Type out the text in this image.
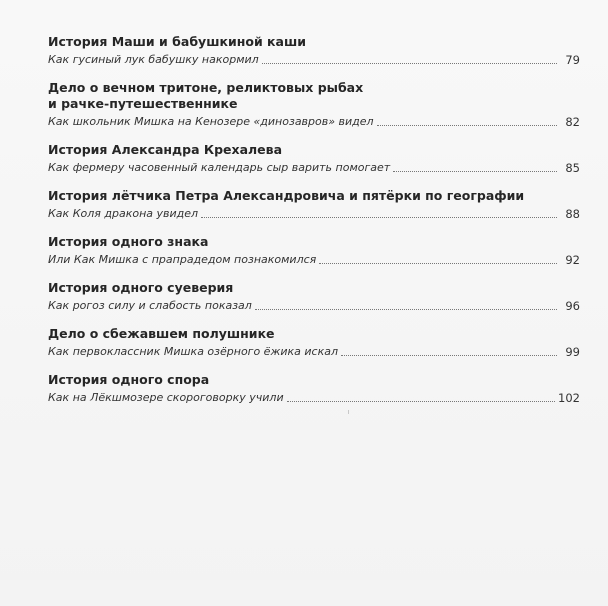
История Маши и бабушкиной каши
Как гусиный лук бабушку накормил	79
Дело о вечном тритоне, реликтовых рыбах
и рачке-путешественнике
Как школьник Мишка на Кенозере «динозавров» видел	82
История Александра Крехалева
Как фермеру часовенный календарь сыр варить помогает	85
История лётчика Петра Александровича и пятёрки по географии
Как Коля дракона увидел	88
История одного знака
Или Как Мишка с прапрадедом познакомился	92
История одного суеверия
Как рогоз силу и слабость показал	96
Дело о сбежавшем полушнике
Как первоклассник Мишка озёрного ёжика искал	99
История одного спора
Как на Лёкшмозере скороговорку учили	102
